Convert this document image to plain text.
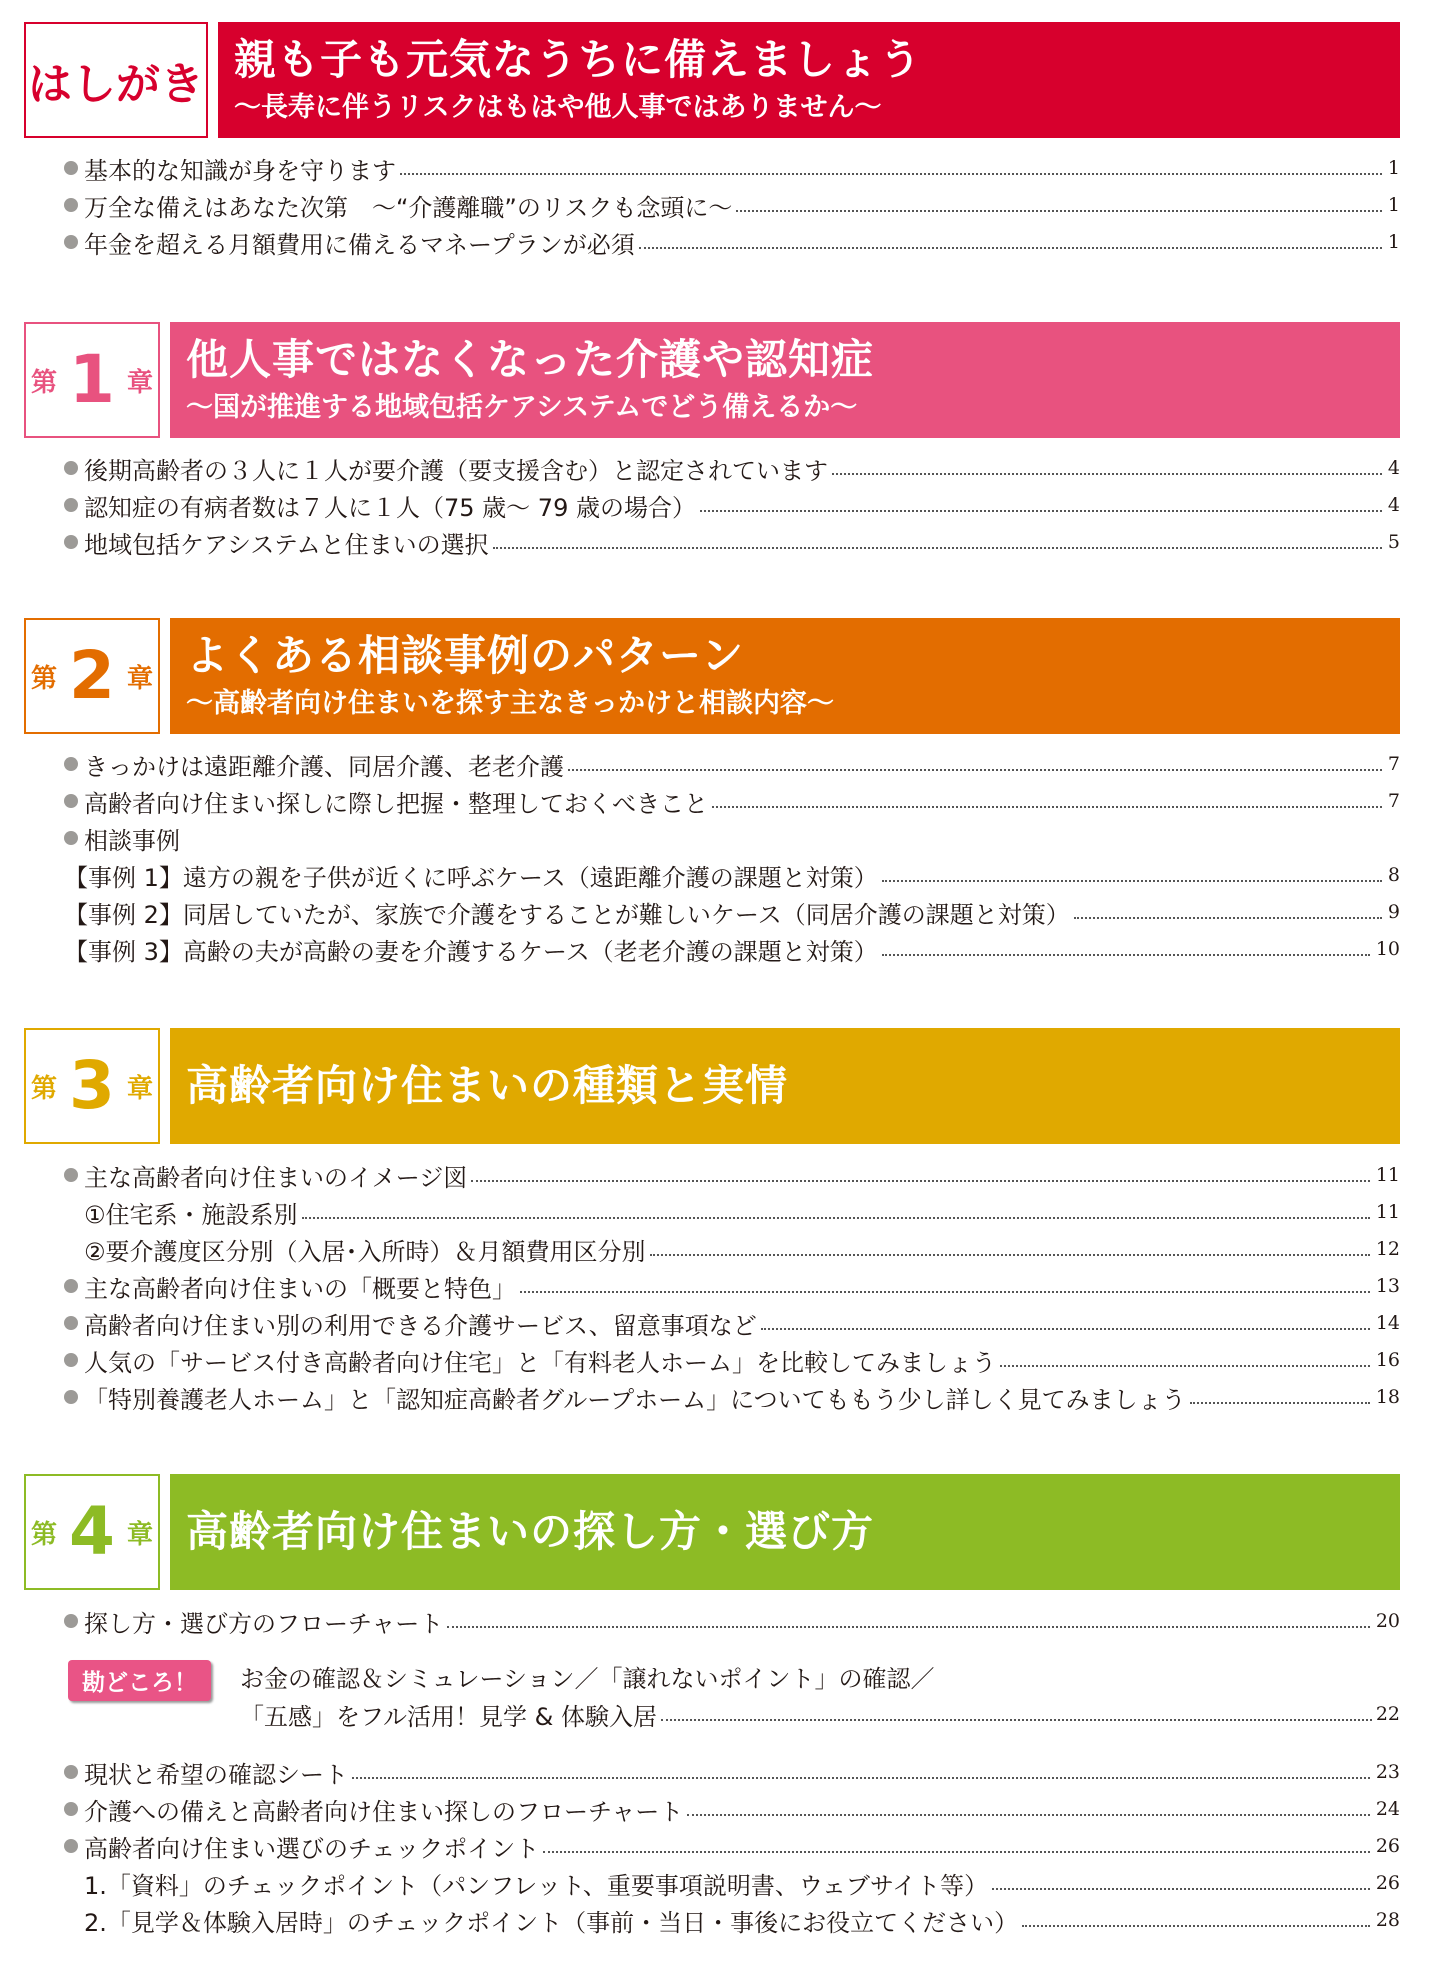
はしがき 親も子も元気なうちに備えましょう
～長寿に伴うリスクはもはや他人事ではありません～
基本的な知識が身を守ります	1
万全な備えはあなた次第　～“介護離職”のリスクも念頭に～	1
年金を超える月額費用に備えるマネープランが必須	1
第 1 章 他人事ではなくなった介護や認知症
～国が推進する地域包括ケアシステムでどう備えるか～
後期高齢者の３人に１人が要介護（要支援含む）と認定されています	4
認知症の有病者数は７人に１人（75 歳～ 79 歳の場合）	4
地域包括ケアシステムと住まいの選択	5
第 2 章 よくある相談事例のパターン
～高齢者向け住まいを探す主なきっかけと相談内容～
きっかけは遠距離介護、同居介護、老老介護	7
高齢者向け住まい探しに際し把握・整理しておくべきこと	7
相談事例
【事例 1】遠方の親を子供が近くに呼ぶケース（遠距離介護の課題と対策）	8
【事例 2】同居していたが、家族で介護をすることが難しいケース（同居介護の課題と対策）	9
【事例 3】高齢の夫が高齢の妻を介護するケース（老老介護の課題と対策）	10
第 3 章 高齢者向け住まいの種類と実情
主な高齢者向け住まいのイメージ図	11
①住宅系・施設系別	11
②要介護度区分別（入居･入所時）＆月額費用区分別	12
主な高齢者向け住まいの「概要と特色」	13
高齢者向け住まい別の利用できる介護サービス、留意事項など	14
人気の「サービス付き高齢者向け住宅」と「有料老人ホーム」を比較してみましょう	16
「特別養護老人ホーム」と「認知症高齢者グループホーム」についてももう少し詳しく見てみましょう	18
第 4 章 高齢者向け住まいの探し方・選び方
探し方・選び方のフローチャート	20
勘どころ！	お金の確認＆シミュレーション／「譲れないポイント」の確認／
「五感」をフル活用！見学 & 体験入居	22
現状と希望の確認シート	23
介護への備えと高齢者向け住まい探しのフローチャート	24
高齢者向け住まい選びのチェックポイント	26
1.「資料」のチェックポイント（パンフレット、重要事項説明書、ウェブサイト等）	26
2.「見学＆体験入居時」のチェックポイント（事前・当日・事後にお役立てください）	28
